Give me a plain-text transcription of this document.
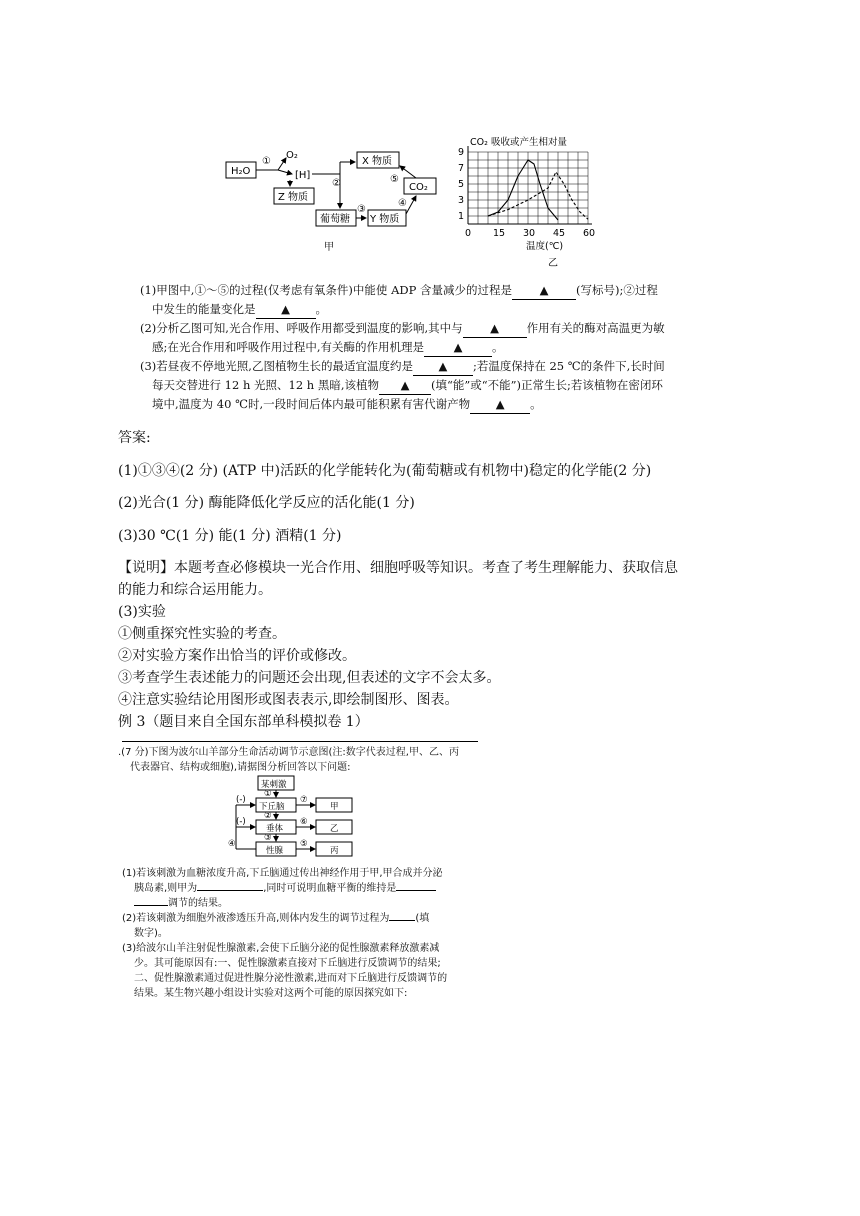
H₂O
①
O₂
[H]
Z 物质
②
X 物质
⑤
CO₂
④
葡萄糖
③
Y 物质
甲
1
3
5
7
9
0 15 30 45 60
CO₂ 吸收或产生相对量
温度(℃)
乙
(1)甲图中,①～⑤的过程(仅考虑有氧条件)中能使 ADP 含量减少的过程是 ▲ (写标号);②过程
中发生的能量变化是 ▲ 。
(2)分析乙图可知,光合作用、呼吸作用都受到温度的影响,其中与 ▲ 作用有关的酶对高温更为敏
感;在光合作用和呼吸作用过程中,有关酶的作用机理是	▲	。
(3)若昼夜不停地光照,乙图植物生长的最适宜温度约是 ▲ ;若温度保持在 25 ℃的条件下,长时间
每天交替进行 12 h 光照、12 h 黑暗,该植物 ▲ (填“能”或“不能”)正常生长;若该植物在密闭环
境中,温度为 40 ℃时,一段时间后体内最可能积累有害代谢产物 ▲ 。
答案:
(1)①③④(2 分) (ATP 中)活跃的化学能转化为(葡萄糖或有机物中)稳定的化学能(2 分)
(2)光合(1 分) 酶能降低化学反应的活化能(1 分)
(3)30 ℃(1 分) 能(1 分) 酒精(1 分)
【说明】本题考查必修模块一光合作用、细胞呼吸等知识。考查了考生理解能力、获取信息
的能力和综合运用能力。
(3)实验
①侧重探究性实验的考查。
②对实验方案作出恰当的评价或修改。
③考查学生表述能力的问题还会出现,但表述的文字不会太多。
④注意实验结论用图形或图表表示,即绘制图形、图表。
例 3（题目来自全国东部单科模拟卷 1）
.(7 分)下图为波尔山羊部分生命活动调节示意图(注:数字代表过程,甲、乙、丙
代表器官、结构或细胞),请据图分析回答以下问题:
某刺激
下丘脑
垂体
性腺
甲
乙
丙
(-)
(-)
①
②
③
④	⑤
⑥
⑦
(1)若该刺激为血糖浓度升高,下丘脑通过传出神经作用于甲,甲合成并分泌
胰岛素,则甲为	,同时可说明血糖平衡的维持是
调节的结果。
(2)若该刺激为细胞外液渗透压升高,则体内发生的调节过程为	(填
数字)。
(3)给波尔山羊注射促性腺激素,会使下丘脑分泌的促性腺激素释放激素减
少。其可能原因有:一、促性腺激素直接对下丘脑进行反馈调节的结果;
二、促性腺激素通过促进性腺分泌性激素,进而对下丘脑进行反馈调节的
结果。某生物兴趣小组设计实验对这两个可能的原因探究如下:
